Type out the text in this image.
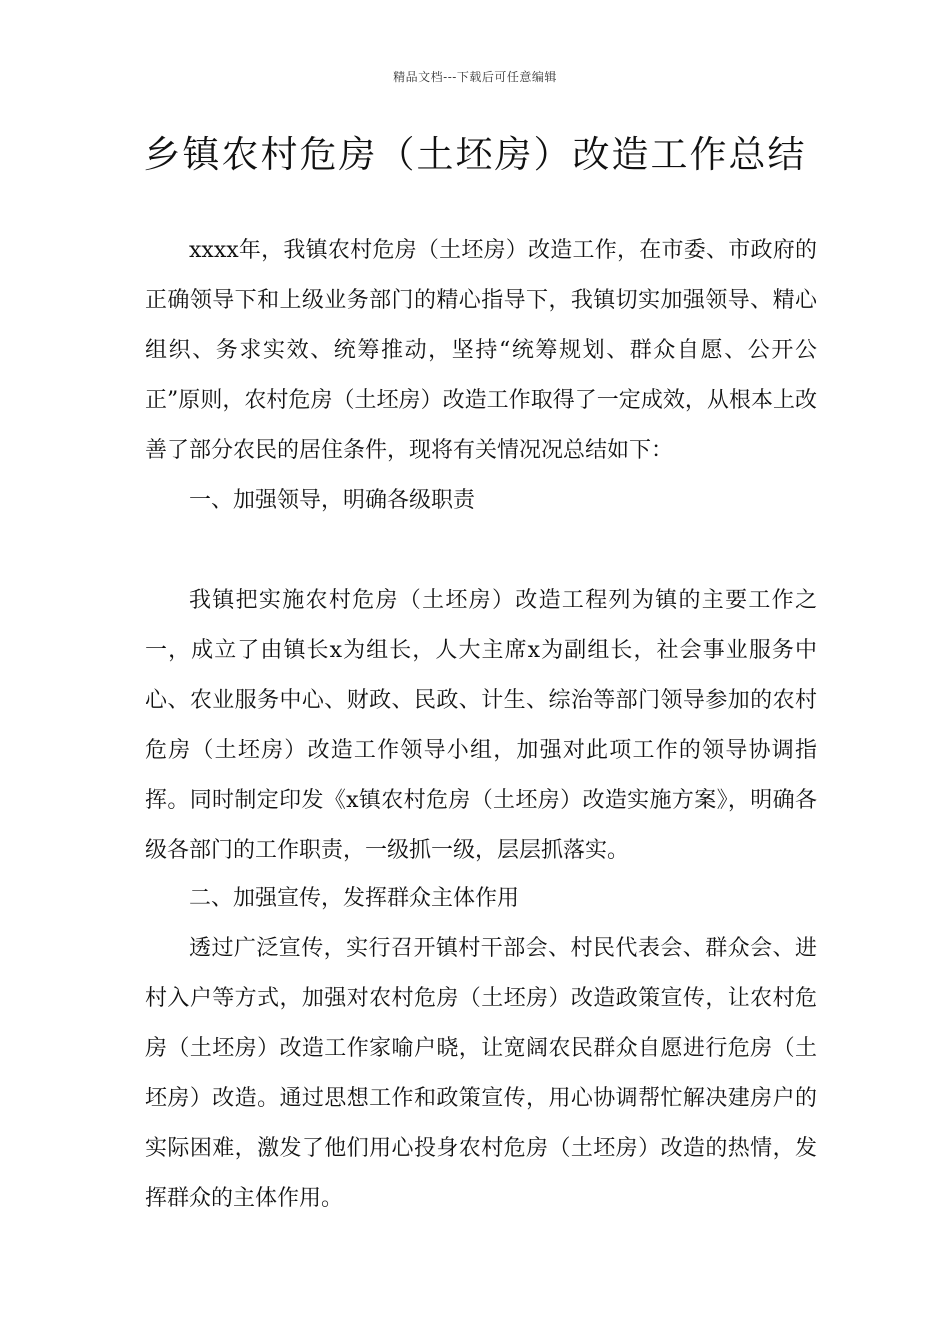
精品文档---下载后可任意编辑
乡镇农村危房（土坯房）改造工作总结

xxxx年，我镇农村危房（土坯房）改造工作，在市委、市政府的正确领导下和上级业务部门的精心指导下，我镇切实加强领导、精心组织、务求实效、统筹推动，坚持“统筹规划、群众自愿、公开公正”原则，农村危房（土坯房）改造工作取得了一定成效，从根本上改善了部分农民的居住条件，现将有关情况况总结如下：

一、加强领导，明确各级职责

我镇把实施农村危房（土坯房）改造工程列为镇的主要工作之一，成立了由镇长x为组长，人大主席x为副组长，社会事业服务中心、农业服务中心、财政、民政、计生、综治等部门领导参加的农村危房（土坯房）改造工作领导小组，加强对此项工作的领导协调指挥。同时制定印发《x镇农村危房（土坯房）改造实施方案》，明确各级各部门的工作职责，一级抓一级，层层抓落实。

二、加强宣传，发挥群众主体作用

透过广泛宣传，实行召开镇村干部会、村民代表会、群众会、进村入户等方式，加强对农村危房（土坯房）改造政策宣传，让农村危房（土坯房）改造工作家喻户晓，让宽阔农民群众自愿进行危房（土坯房）改造。通过思想工作和政策宣传，用心协调帮忙解决建房户的实际困难，激发了他们用心投身农村危房（土坯房）改造的热情，发挥群众的主体作用。
